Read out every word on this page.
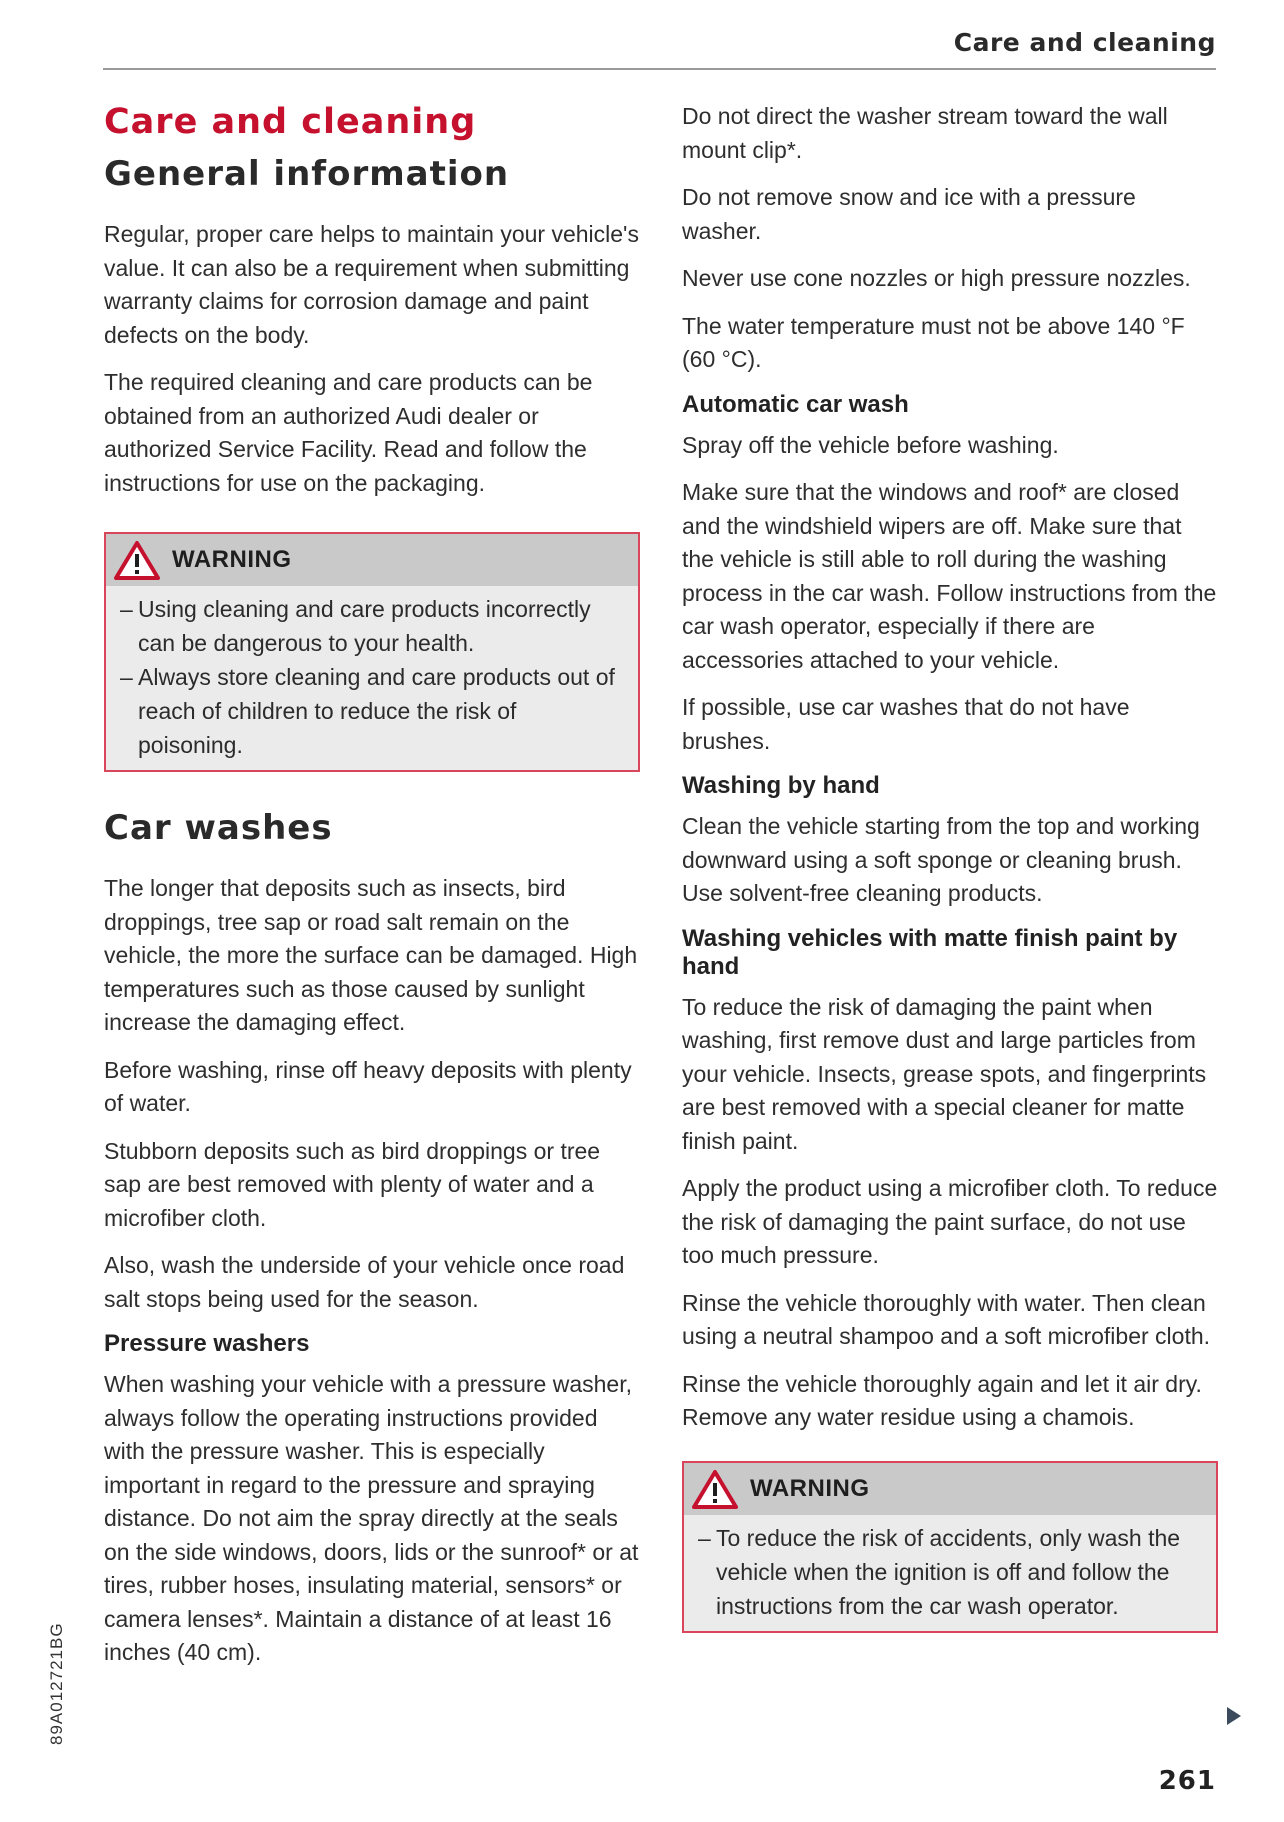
Care and cleaning
Care and cleaning
General information

Regular, proper care helps to maintain your vehicle's value. It can also be a requirement when submitting warranty claims for corrosion damage and paint defects on the body.

The required cleaning and care products can be obtained from an authorized Audi dealer or authorized Service Facility. Read and follow the instructions for use on the packaging.

WARNING
– Using cleaning and care products incorrectly can be dangerous to your health.
– Always store cleaning and care products out of reach of children to reduce the risk of poisoning.
Car washes

The longer that deposits such as insects, bird droppings, tree sap or road salt remain on the vehicle, the more the surface can be damaged. High temperatures such as those caused by sunlight increase the damaging effect.

Before washing, rinse off heavy deposits with plenty of water.

Stubborn deposits such as bird droppings or tree sap are best removed with plenty of water and a microfiber cloth.

Also, wash the underside of your vehicle once road salt stops being used for the season.

Pressure washers

When washing your vehicle with a pressure washer, always follow the operating instructions provided with the pressure washer. This is especially important in regard to the pressure and spraying distance. Do not aim the spray directly at the seals on the side windows, doors, lids or the sunroof* or at tires, rubber hoses, insulating material, sensors* or camera lenses*. Maintain a distance of at least 16 inches (40 cm).

Do not direct the washer stream toward the wall mount clip*.

Do not remove snow and ice with a pressure washer.

Never use cone nozzles or high pressure nozzles.

The water temperature must not be above 140 °F (60 °C).

Automatic car wash

Spray off the vehicle before washing.

Make sure that the windows and roof* are closed and the windshield wipers are off. Make sure that the vehicle is still able to roll during the washing process in the car wash. Follow instructions from the car wash operator, especially if there are accessories attached to your vehicle.

If possible, use car washes that do not have brushes.

Washing by hand

Clean the vehicle starting from the top and working downward using a soft sponge or cleaning brush. Use solvent-free cleaning products.

Washing vehicles with matte finish paint by hand

To reduce the risk of damaging the paint when washing, first remove dust and large particles from your vehicle. Insects, grease spots, and fingerprints are best removed with a special cleaner for matte finish paint.

Apply the product using a microfiber cloth. To reduce the risk of damaging the paint surface, do not use too much pressure.

Rinse the vehicle thoroughly with water. Then clean using a neutral shampoo and a soft microfiber cloth.

Rinse the vehicle thoroughly again and let it air dry. Remove any water residue using a chamois.

WARNING
– To reduce the risk of accidents, only wash the vehicle when the ignition is off and follow the instructions from the car wash operator.
89A012721BG
261
